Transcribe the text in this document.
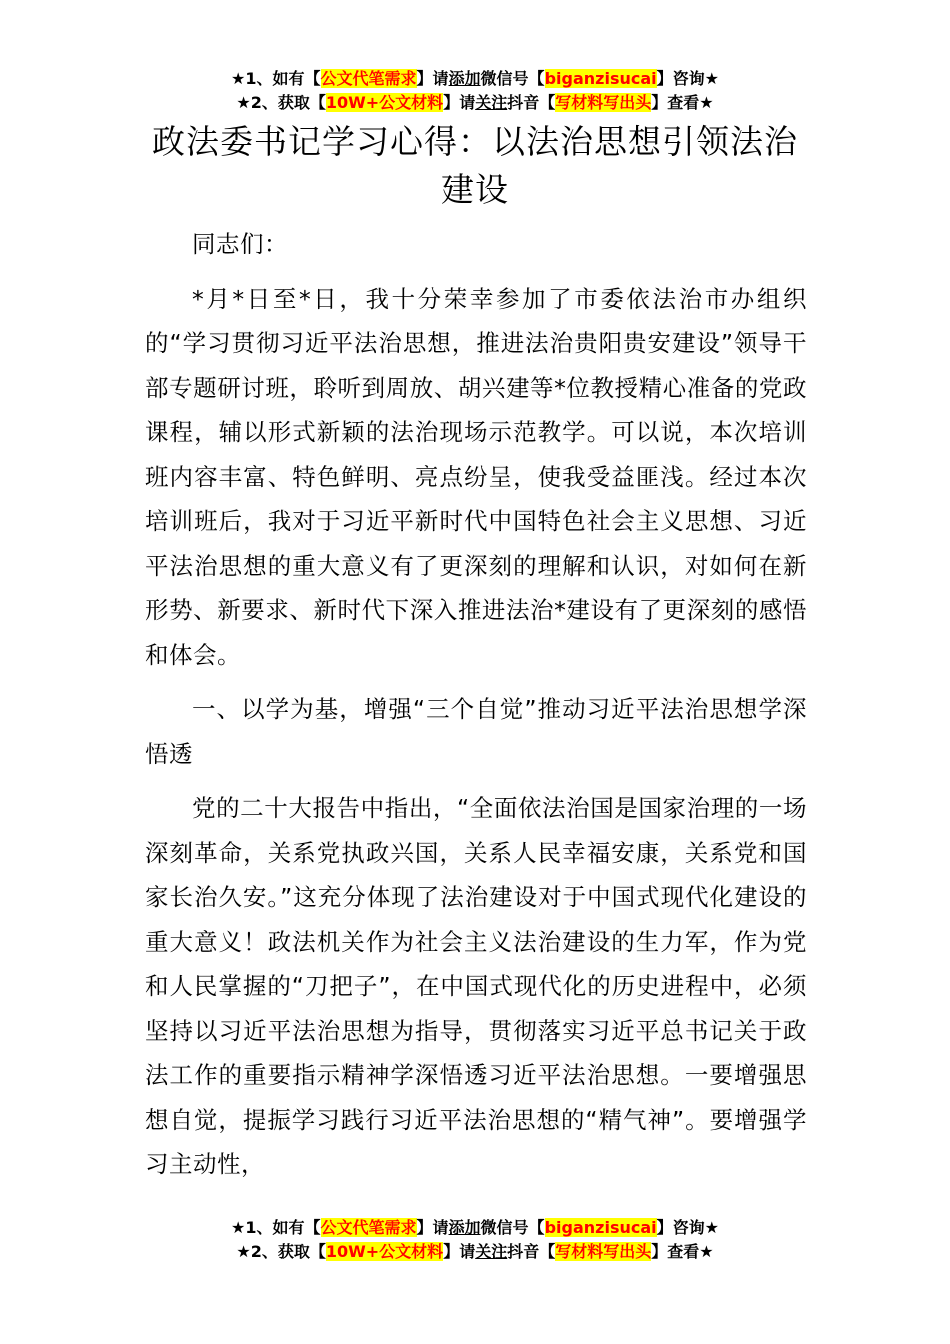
★1、如有【公文代笔需求】请添加微信号【biganzisucai】咨询★
★2、获取【10W+公文材料】请关注抖音【写材料写出头】查看★
政法委书记学习心得：以法治思想引领法治建设

同志们：

*月*日至*日，我十分荣幸参加了市委依法治市办组织的“学习贯彻习近平法治思想，推进法治贵阳贵安建设”领导干部专题研讨班，聆听到周放、胡兴建等*位教授精心准备的党政课程，辅以形式新颖的法治现场示范教学。可以说，本次培训班内容丰富、特色鲜明、亮点纷呈，使我受益匪浅。经过本次培训班后，我对于习近平新时代中国特色社会主义思想、习近平法治思想的重大意义有了更深刻的理解和认识，对如何在新形势、新要求、新时代下深入推进法治*建设有了更深刻的感悟和体会。

一、以学为基，增强“三个自觉”推动习近平法治思想学深悟透

党的二十大报告中指出，“全面依法治国是国家治理的一场深刻革命，关系党执政兴国，关系人民幸福安康，关系党和国家长治久安。”这充分体现了法治建设对于中国式现代化建设的重大意义！政法机关作为社会主义法治建设的生力军，作为党和人民掌握的“刀把子”，在中国式现代化的历史进程中，必须坚持以习近平法治思想为指导，贯彻落实习近平总书记关于政法工作的重要指示精神学深悟透习近平法治思想。一要增强思想自觉，提振学习践行习近平法治思想的“精气神”。要增强学习主动性，

★1、如有【公文代笔需求】请添加微信号【biganzisucai】咨询★
★2、获取【10W+公文材料】请关注抖音【写材料写出头】查看★
